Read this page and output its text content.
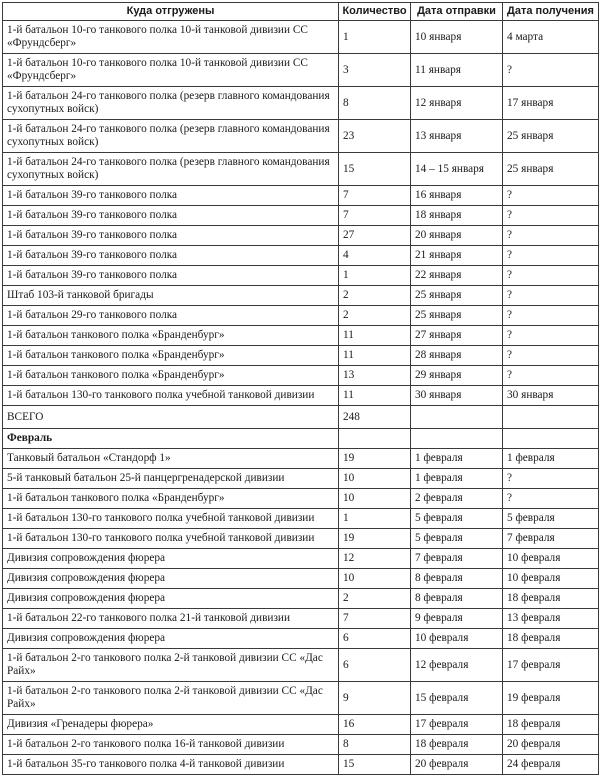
Куда отгружены	Количество	Дата отправки	Дата получения
1-й батальон 10-го танкового полка 10-й танковой дивизии СС «Фрундсберг»	1	10 января	4 марта
1-й батальон 10-го танкового полка 10-й танковой дивизии СС «Фрундсберг»	3	11 января	?
1-й батальон 24-го танкового полка (резерв главного командования сухопутных войск)	8	12 января	17 января
1-й батальон 24-го танкового полка (резерв главного командования сухопутных войск)	23	13 января	25 января
1-й батальон 24-го танкового полка (резерв главного командования сухопутных войск)	15	14 – 15 января	25 января
1-й батальон 39-го танкового полка	7	16 января	?
1-й батальон 39-го танкового полка	7	18 января	?
1-й батальон 39-го танкового полка	27	20 января	?
1-й батальон 39-го танкового полка	4	21 января	?
1-й батальон 39-го танкового полка	1	22 января	?
Штаб 103-й танковой бригады	2	25 января	?
1-й батальон 29-го танкового полка	2	25 января	?
1-й батальон танкового полка «Бранденбург»	11	27 января	?
1-й батальон танкового полка «Бранденбург»	11	28 января	?
1-й батальон танкового полка «Бранденбург»	13	29 января	?
1-й батальон 130-го танкового полка учебной танковой дивизии	11	30 января	30 января
ВСЕГО	248		
Февраль			
Танковый батальон «Стандорф 1»	19	1 февраля	1 февраля
5-й танковый батальон 25-й панцергренадерской дивизии	10	1 февраля	?
1-й батальон танкового полка «Бранденбург»	10	2 февраля	?
1-й батальон 130-го танкового полка учебной танковой дивизии	1	5 февраля	5 февраля
1-й батальон 130-го танкового полка учебной танковой дивизии	19	5 февраля	7 февраля
Дивизия сопровождения фюрера	12	7 февраля	10 февраля
Дивизия сопровождения фюрера	10	8 февраля	10 февраля
Дивизия сопровождения фюрера	2	8 февраля	18 февраля
1-й батальон 22-го танкового полка 21-й танковой дивизии	7	9 февраля	13 февраля
Дивизия сопровождения фюрера	6	10 февраля	18 февраля
1-й батальон 2-го танкового полка 2-й танковой дивизии СС «Дас Райх»	6	12 февраля	17 февраля
1-й батальон 2-го танкового полка 2-й танковой дивизии СС «Дас Райх»	9	15 февраля	19 февраля
Дивизия «Гренадеры фюрера»	16	17 февраля	18 февраля
1-й батальон 2-го танкового полка 16-й танковой дивизии	8	18 февраля	20 февраля
1-й батальон 35-го танкового полка 4-й танковой дивизии	15	20 февраля	24 февраля
